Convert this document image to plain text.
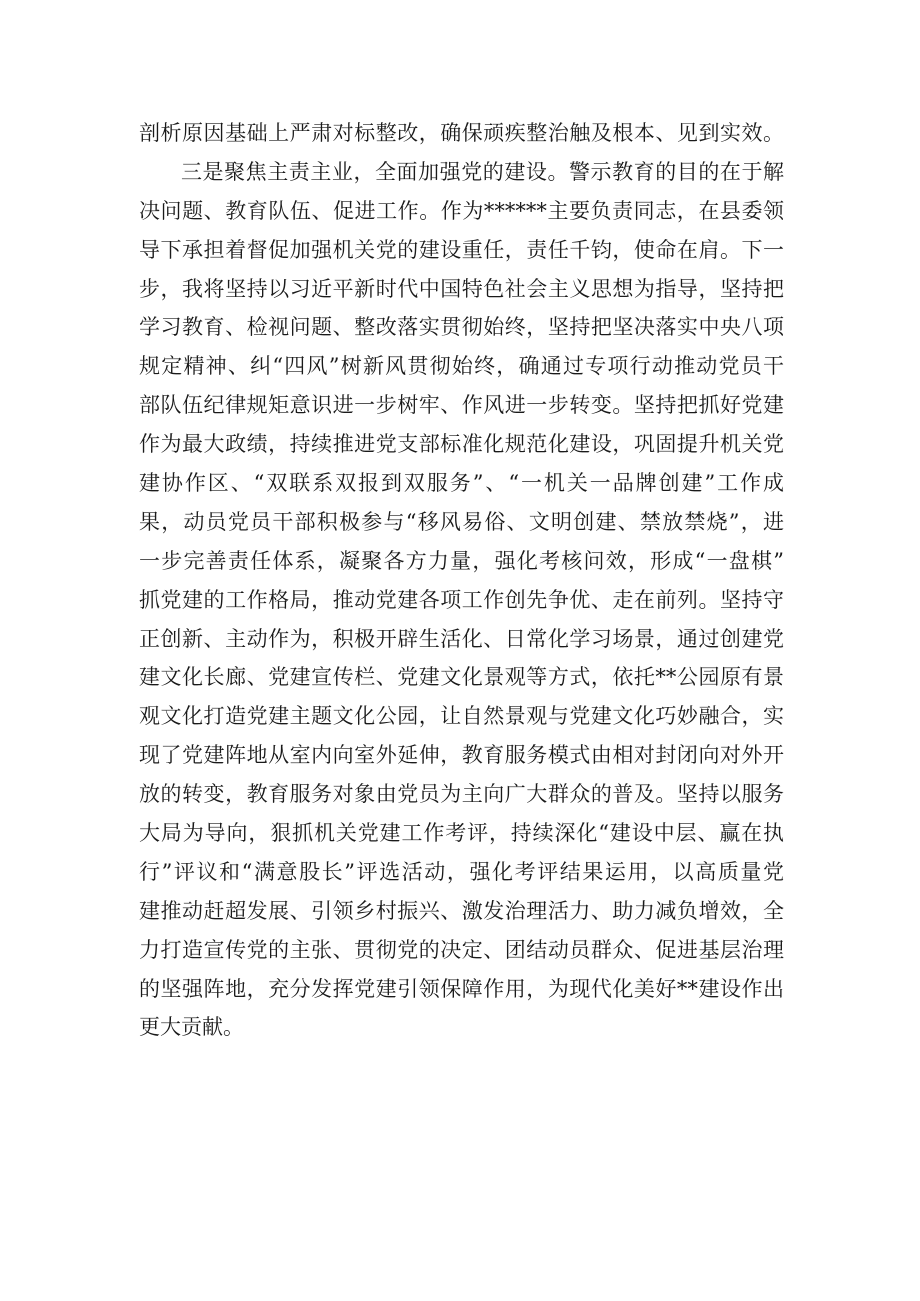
剖析原因基础上严肃对标整改，确保顽疾整治触及根本、见到实效。
三是聚焦主责主业，全面加强党的建设。警示教育的目的在于解
决问题、教育队伍、促进工作。作为******主要负责同志，在县委领
导下承担着督促加强机关党的建设重任，责任千钧，使命在肩。下一
步，我将坚持以习近平新时代中国特色社会主义思想为指导，坚持把
学习教育、检视问题、整改落实贯彻始终，坚持把坚决落实中央八项
规定精神、纠“四风”树新风贯彻始终，确通过专项行动推动党员干
部队伍纪律规矩意识进一步树牢、作风进一步转变。坚持把抓好党建
作为最大政绩，持续推进党支部标准化规范化建设，巩固提升机关党
建协作区、“双联系双报到双服务”、“一机关一品牌创建”工作成
果，动员党员干部积极参与“移风易俗、文明创建、禁放禁烧”，进
一步完善责任体系，凝聚各方力量，强化考核问效，形成“一盘棋”
抓党建的工作格局，推动党建各项工作创先争优、走在前列。坚持守
正创新、主动作为，积极开辟生活化、日常化学习场景，通过创建党
建文化长廊、党建宣传栏、党建文化景观等方式，依托**公园原有景
观文化打造党建主题文化公园，让自然景观与党建文化巧妙融合，实
现了党建阵地从室内向室外延伸，教育服务模式由相对封闭向对外开
放的转变，教育服务对象由党员为主向广大群众的普及。坚持以服务
大局为导向，狠抓机关党建工作考评，持续深化“建设中层、赢在执
行”评议和“满意股长”评选活动，强化考评结果运用，以高质量党
建推动赶超发展、引领乡村振兴、激发治理活力、助力减负增效，全
力打造宣传党的主张、贯彻党的决定、团结动员群众、促进基层治理
的坚强阵地，充分发挥党建引领保障作用，为现代化美好**建设作出
更大贡献。
